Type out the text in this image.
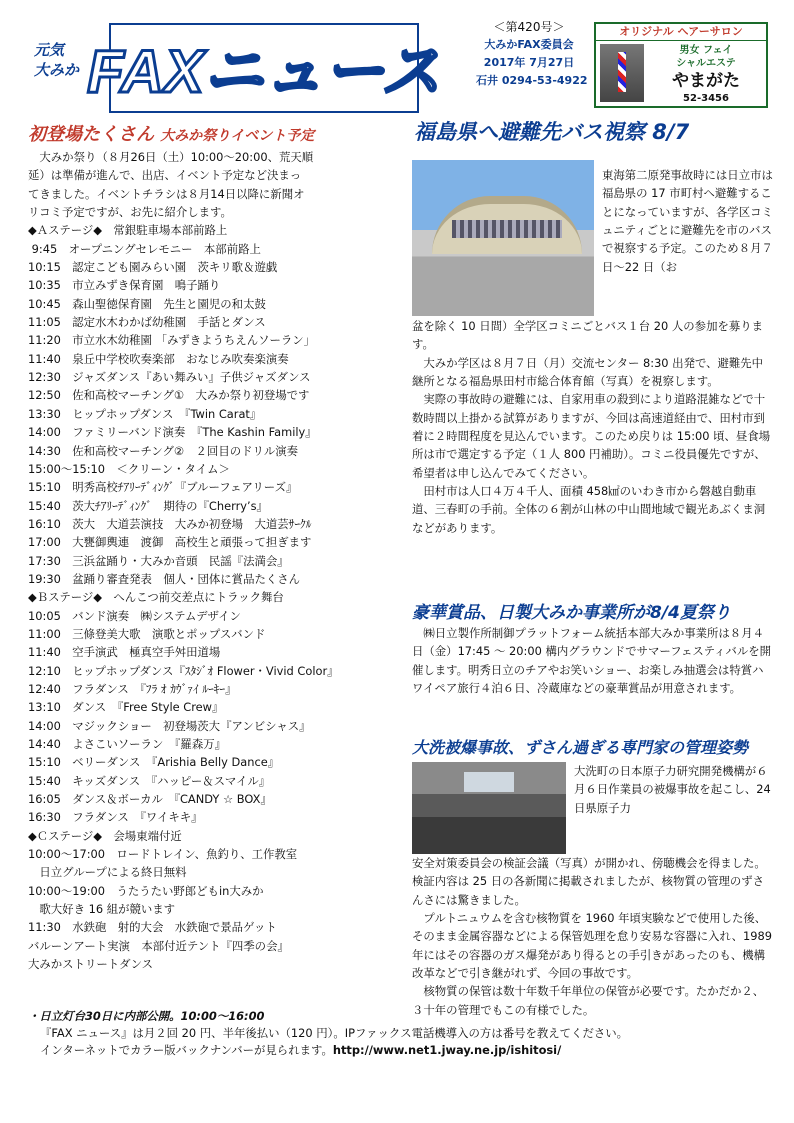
元気
大みか FAXニュース
＜第420号＞
大みかFAX委員会
2017年 7月27日
石井 0294-53-4922
オリジナル ヘアーサロン
男女 フェイ
シャルエステ
やまがた
52-3456
初登場たくさん 大みか祭りイベント予定

　大みか祭り（８月26日（土）10:00～20:00、荒天順

延）は準備が進んで、出店、イベント予定など決まっ

てきました。イベントチラシは８月14日以降に新聞オ

リコミ予定ですが、お先に紹介します。

◆Ａステージ◆　常銀駐車場本部前路上

9:45　オープニングセレモニー　本部前路上

10:15　認定こども園みらい園　茨キリ歌＆遊戯

10:35　市立みずき保育園　鳴子踊り

10:45　森山聖徳保育園　先生と園児の和太鼓

11:05　認定水木わかば幼稚園　手話とダンス

11:20　市立水木幼稚園 「みずきようちえんソーラン」

11:40　泉丘中学校吹奏楽部　おなじみ吹奏楽演奏

12:30　ジャズダンス『あい舞みい』子供ジャズダンス

12:50　佐和高校マーチング①　大みか祭り初登場です

13:30　ヒップホップダンス　『Twin Carat』

14:00　ファミリーバンド演奏　『The Kashin Family』

14:30　佐和高校マーチング②　２回目のドリル演奏

15:00～15:10　＜クリーン・タイム＞

15:10　明秀高校ﾁｱﾘｰﾃﾞｨﾝｸﾞ『ブルーフェアリーズ』

15:40　茨大ﾁｱﾘｰﾃﾞｨﾝｸﾞ　期待の『Cherry’s』

16:10　茨大　大道芸演技　大みか初登場　大道芸ｻｰｸﾙ

17:00　大甕御輿連　渡御　高校生と頑張って担ぎます

17:30　三浜盆踊り・大みか音頭　民謡『法満会』

19:30　盆踊り審査発表　個人・団体に賞品たくさん

◆Ｂステージ◆　へんこつ前交差点にトラック舞台

10:05　バンド演奏　㈱システムデザイン

11:00　三條登美大歌　演歌とポップスバンド

11:40　空手演武　極真空手舛田道場

12:10　ヒップホップダンス『ｽﾀｼﾞｵ Flower・Vivid Color』

12:40　フラダンス　『ﾌﾗ ｵ ｶｳﾞｧｲ ﾙｰｷｰ』

13:10　ダンス　『Free Style Crew』

14:00　マジックショー　初登場茨大『アンビシャス』

14:40　よさこいソーラン　『羅森万』

15:10　ベリーダンス　『Arishia Belly Dance』

15:40　キッズダンス　『ハッピー＆スマイル』

16:05　ダンス＆ボーカル　『CANDY ☆ BOX』

16:30　フラダンス　『ワイキキ』

◆Ｃステージ◆　会場東端付近

10:00～17:00　ロードトレイン、魚釣り、工作教室

　日立グループによる終日無料

10:00～19:00　うたうたい野郎どもin大みか

　歌大好き 16 組が競います

11:30　水鉄砲　射的大会　水鉄砲で景品ゲット

バルーンアート実演　本部付近テント『四季の会』

大みかストリートダンス

福島県へ避難先バス視察 8/7

東海第二原発事故時には日立市は福島県の 17 市町村へ避難することになっていますが、各学区コミュニティごとに避難先を市のバスで視察する予定。このため８月７日～22 日（お

盆を除く 10 日間）全学区コミニごとバス１台 20 人の参加を募ります。

大みか学区は８月７日（月）交流センター 8:30 出発で、避難先中継所となる福島県田村市総合体育館（写真）を視察します。

実際の事故時の避難には、自家用車の殺到により道路混雑などで十数時間以上掛かる試算がありますが、今回は高速道経由で、田村市到着に２時間程度を見込んでいます。このため戻りは 15:00 頃、昼食場所は市で選定する予定（１人 800 円補助）。コミニ役員優先ですが、希望者は申し込んでみてください。

田村市は人口４万４千人、面積 458㎢のいわき市から磐越自動車道、三春町の手前。全体の６割が山林の中山間地域で観光あぶくま洞などがあります。

豪華賞品、日製大みか事業所が8/4夏祭り

㈱日立製作所制御プラットフォーム統括本部大みか事業所は８月４日（金）17:45 ～ 20:00 構内グラウンドでサマーフェスティバルを開催します。明秀日立のチアやお笑いショー、お楽しみ抽選会は特賞ハワイペア旅行４泊６日、冷蔵庫などの豪華賞品が用意されます。

大洗被爆事故、ずさん過ぎる専門家の管理姿勢

大洗町の日本原子力研究開発機構が６月６日作業員の被爆事故を起こし、24 日県原子力

安全対策委員会の検証会議（写真）が開かれ、傍聴機会を得ました。検証内容は 25 日の各新聞に掲載されましたが、核物質の管理のずさんさには驚きました。

プルトニュウムを含む核物質を 1960 年頃実験などで使用した後、そのまま金属容器などによる保管処理を怠り安易な容器に入れ、1989 年にはその容器のガス爆発があり得るとの手引きがあったのも、機構改革などで引き継がれず、今回の事故です。

核物質の保管は数十年数千年単位の保管が必要です。たかだか２、３十年の管理でもこの有様でした。

・日立灯台30日に内部公開。10:00～16:00
『FAX ニュース』は月２回 20 円、半年後払い（120 円）。IPファックス電話機導入の方は番号を教えてください。
インターネットでカラー版バックナンバーが見られます。http://www.net1.jway.ne.jp/ishitosi/
